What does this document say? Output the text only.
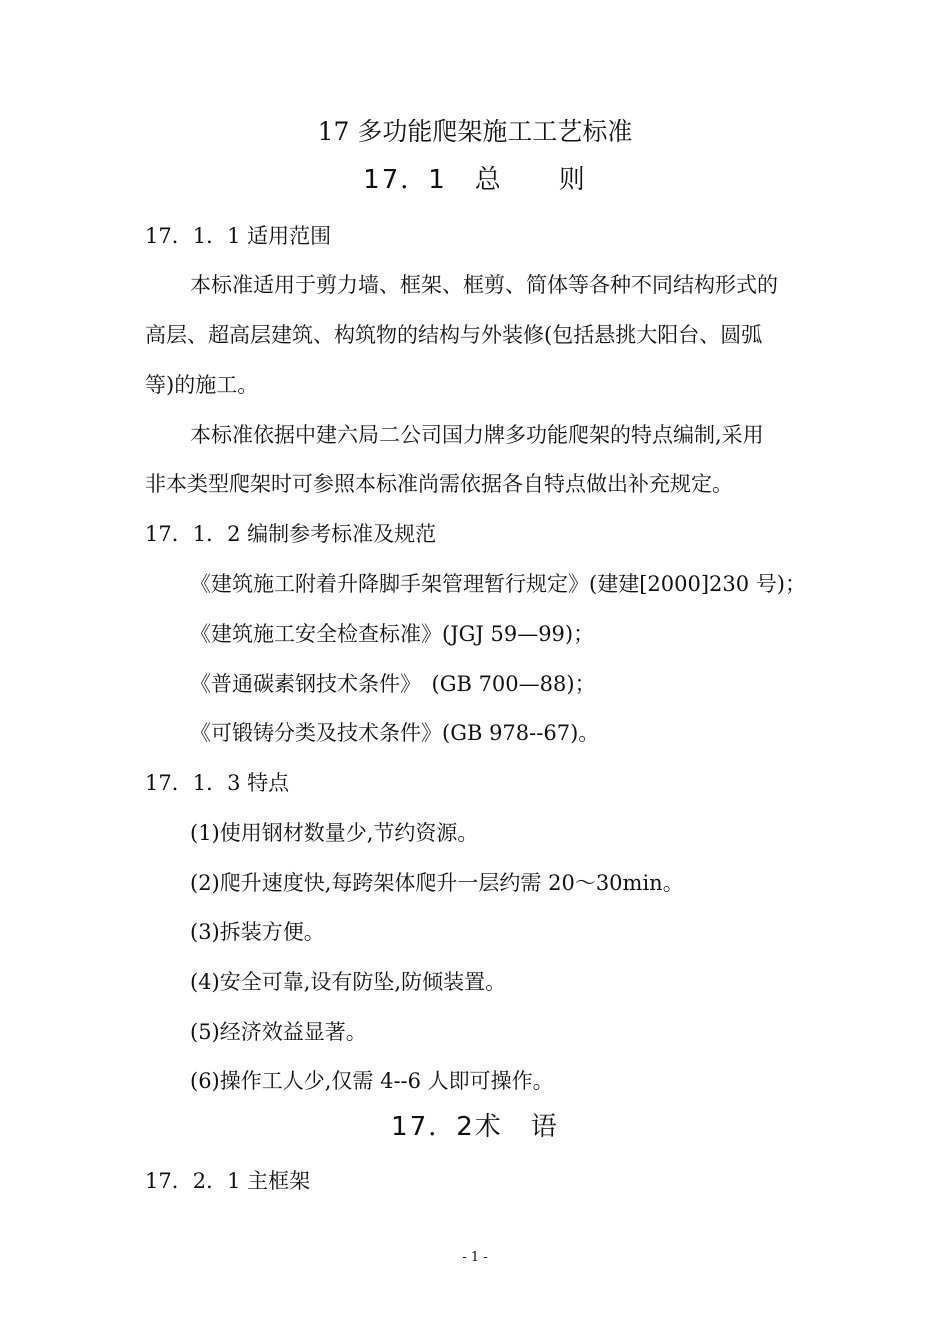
17 多功能爬架施工工艺标准
17．1　总　　则
17．1．1 适用范围
本标准适用于剪力墙、框架、框剪、简体等各种不同结构形式的
高层、超高层建筑、构筑物的结构与外装修(包括悬挑大阳台、圆弧
等)的施工。
本标准依据中建六局二公司国力牌多功能爬架的特点编制,采用
非本类型爬架时可参照本标准尚需依据各自特点做出补充规定。
17．1．2 编制参考标准及规范
《建筑施工附着升降脚手架管理暂行规定》(建建[2000]230 号)；
《建筑施工安全检查标准》(JGJ 59—99)；
《普通碳素钢技术条件》　(GB 700—88)；
《可锻铸分类及技术条件》(GB 978--67)。
17．1．3 特点
(1)使用钢材数量少,节约资源。
(2)爬升速度快,每跨架体爬升一层约需 20～30min。
(3)拆装方便。
(4)安全可靠,设有防坠,防倾装置。
(5)经济效益显著。
(6)操作工人少,仅需 4--6 人即可操作。
17．2术　语
17．2．1 主框架
- 1 -
